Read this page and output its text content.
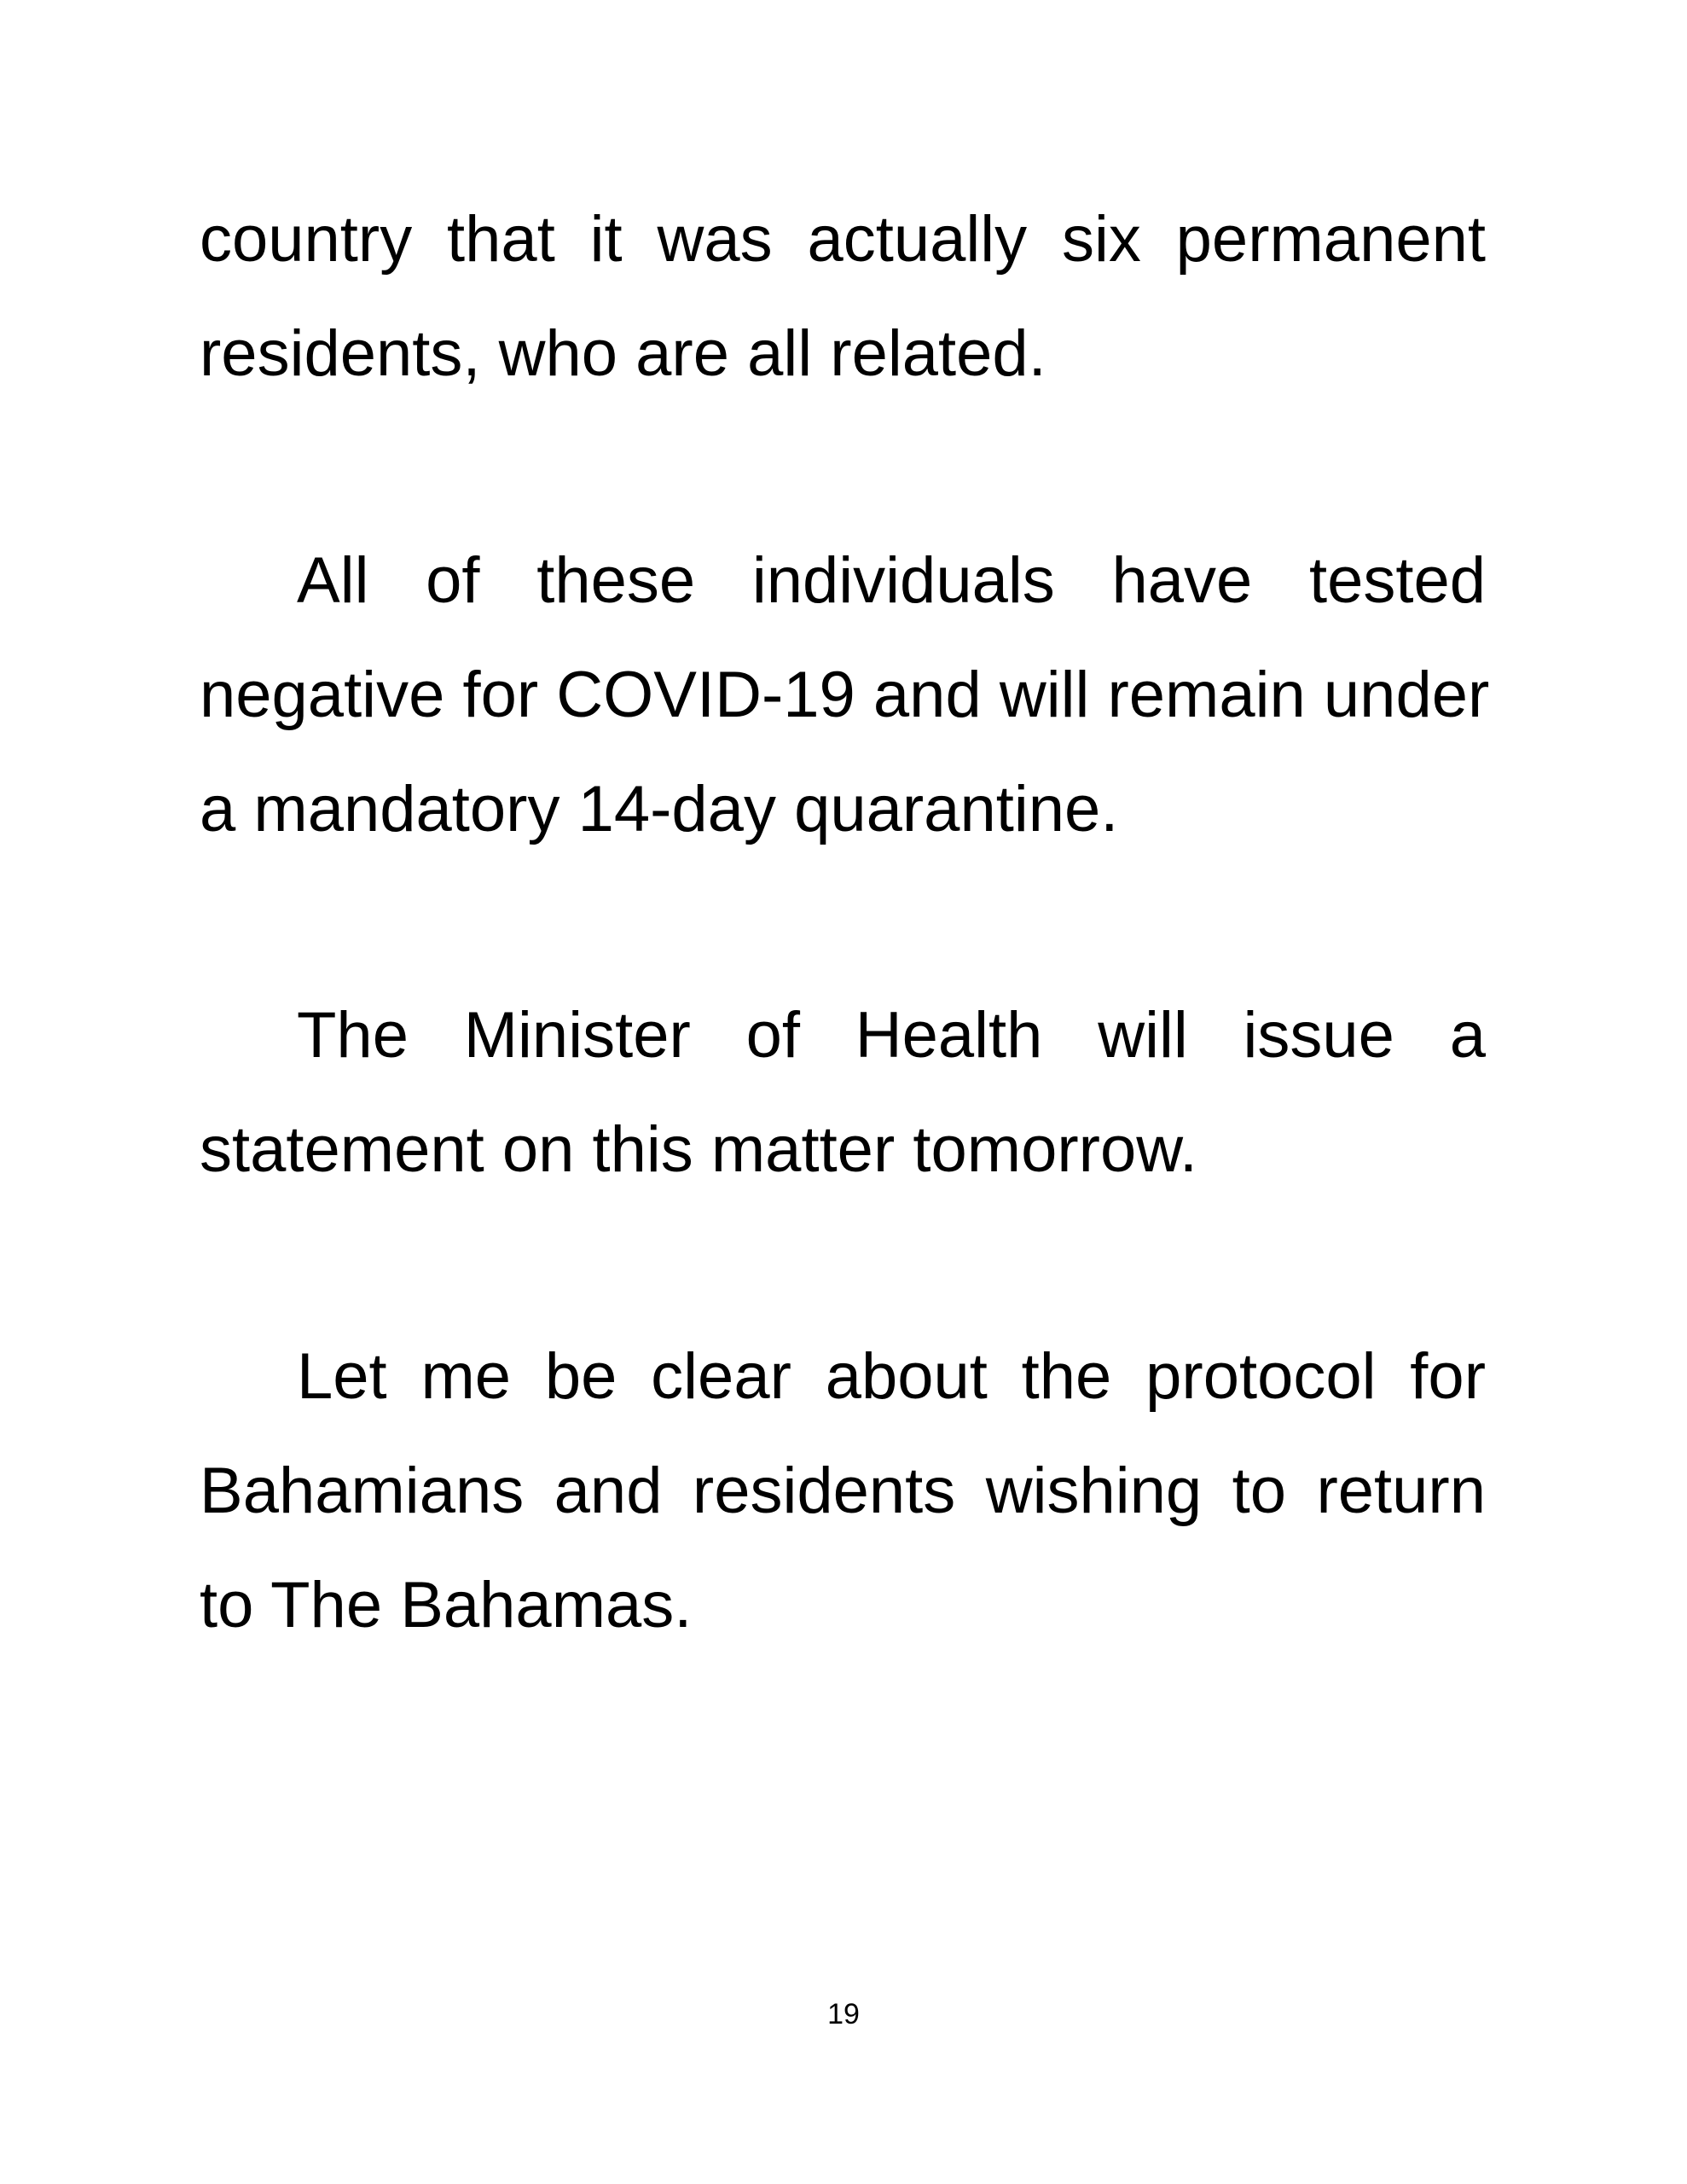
country that it was actually six permanent
residents, who are all related.
All of these individuals have tested
negative for COVID-19 and will remain under
a mandatory 14-day quarantine.
The Minister of Health will issue a
statement on this matter tomorrow.
Let me be clear about the protocol for
Bahamians and residents wishing to return
to The Bahamas.
19
